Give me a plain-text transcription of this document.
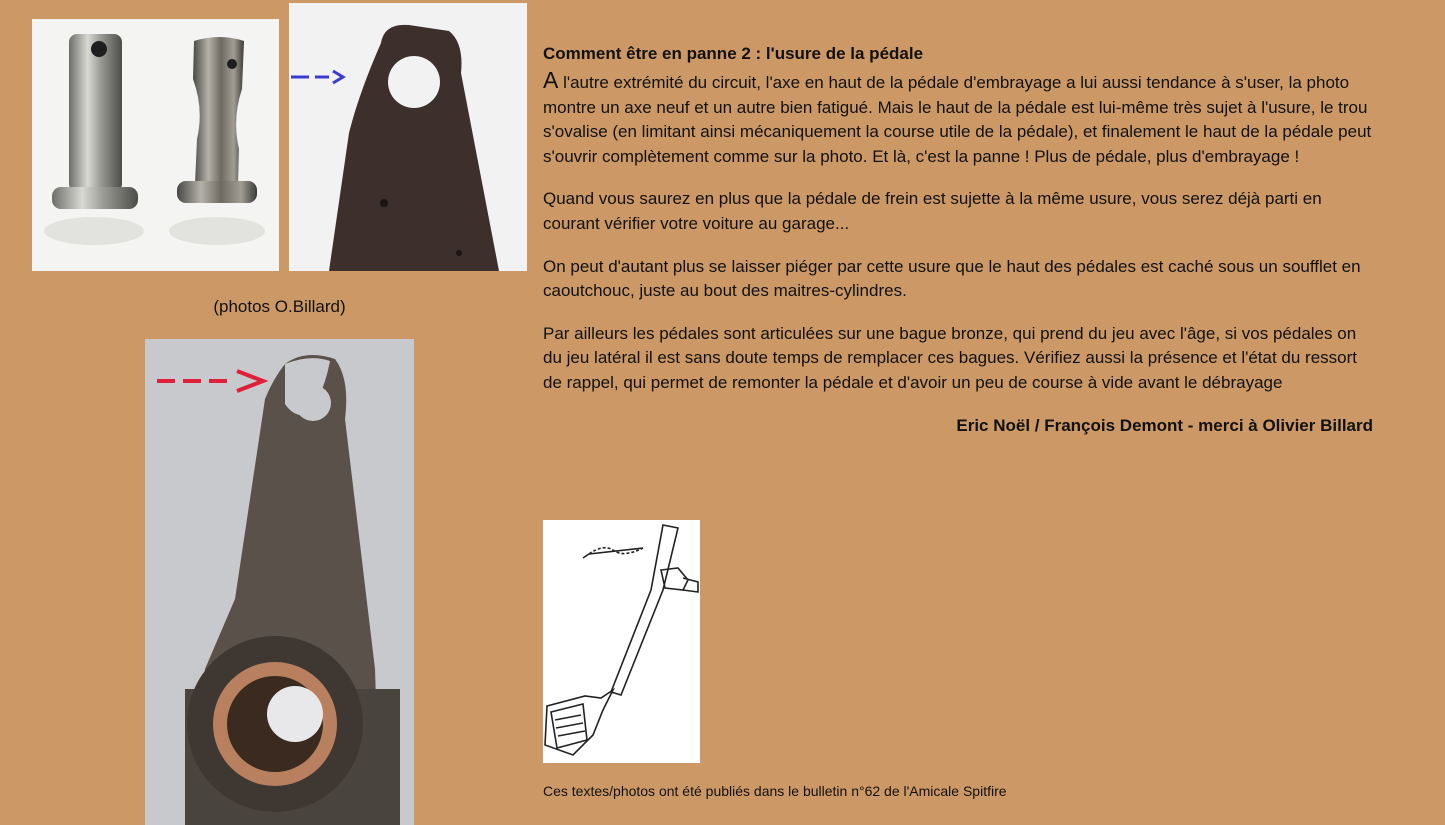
(photos O.Billard)
Comment être en panne 2 : l'usure de la pédale

A l'autre extrémité du circuit, l'axe en haut de la pédale d'embrayage a lui aussi tendance à s'user, la photo montre un axe neuf et un autre bien fatigué. Mais le haut de la pédale est lui-même très sujet à l'usure, le trou s'ovalise (en limitant ainsi mécaniquement la course utile de la pédale), et finalement le haut de la pédale peut s'ouvrir complètement comme sur la photo. Et là, c'est la panne ! Plus de pédale, plus d'embrayage !

Quand vous saurez en plus que la pédale de frein est sujette à la même usure, vous serez déjà parti en courant vérifier votre voiture au garage...

On peut d'autant plus se laisser piéger par cette usure que le haut des pédales est caché sous un soufflet en caoutchouc, juste au bout des maitres-cylindres.

Par ailleurs les pédales sont articulées sur une bague bronze, qui prend du jeu avec l'âge, si vos pédales on du jeu latéral il est sans doute temps de remplacer ces bagues. Vérifiez aussi la présence et l'état du ressort de rappel, qui permet de remonter la pédale et d'avoir un peu de course à vide avant le débrayage

Eric Noël / François Demont - merci à Olivier Billard

Ces textes/photos ont été publiés dans le bulletin n°62 de l'Amicale Spitfire
